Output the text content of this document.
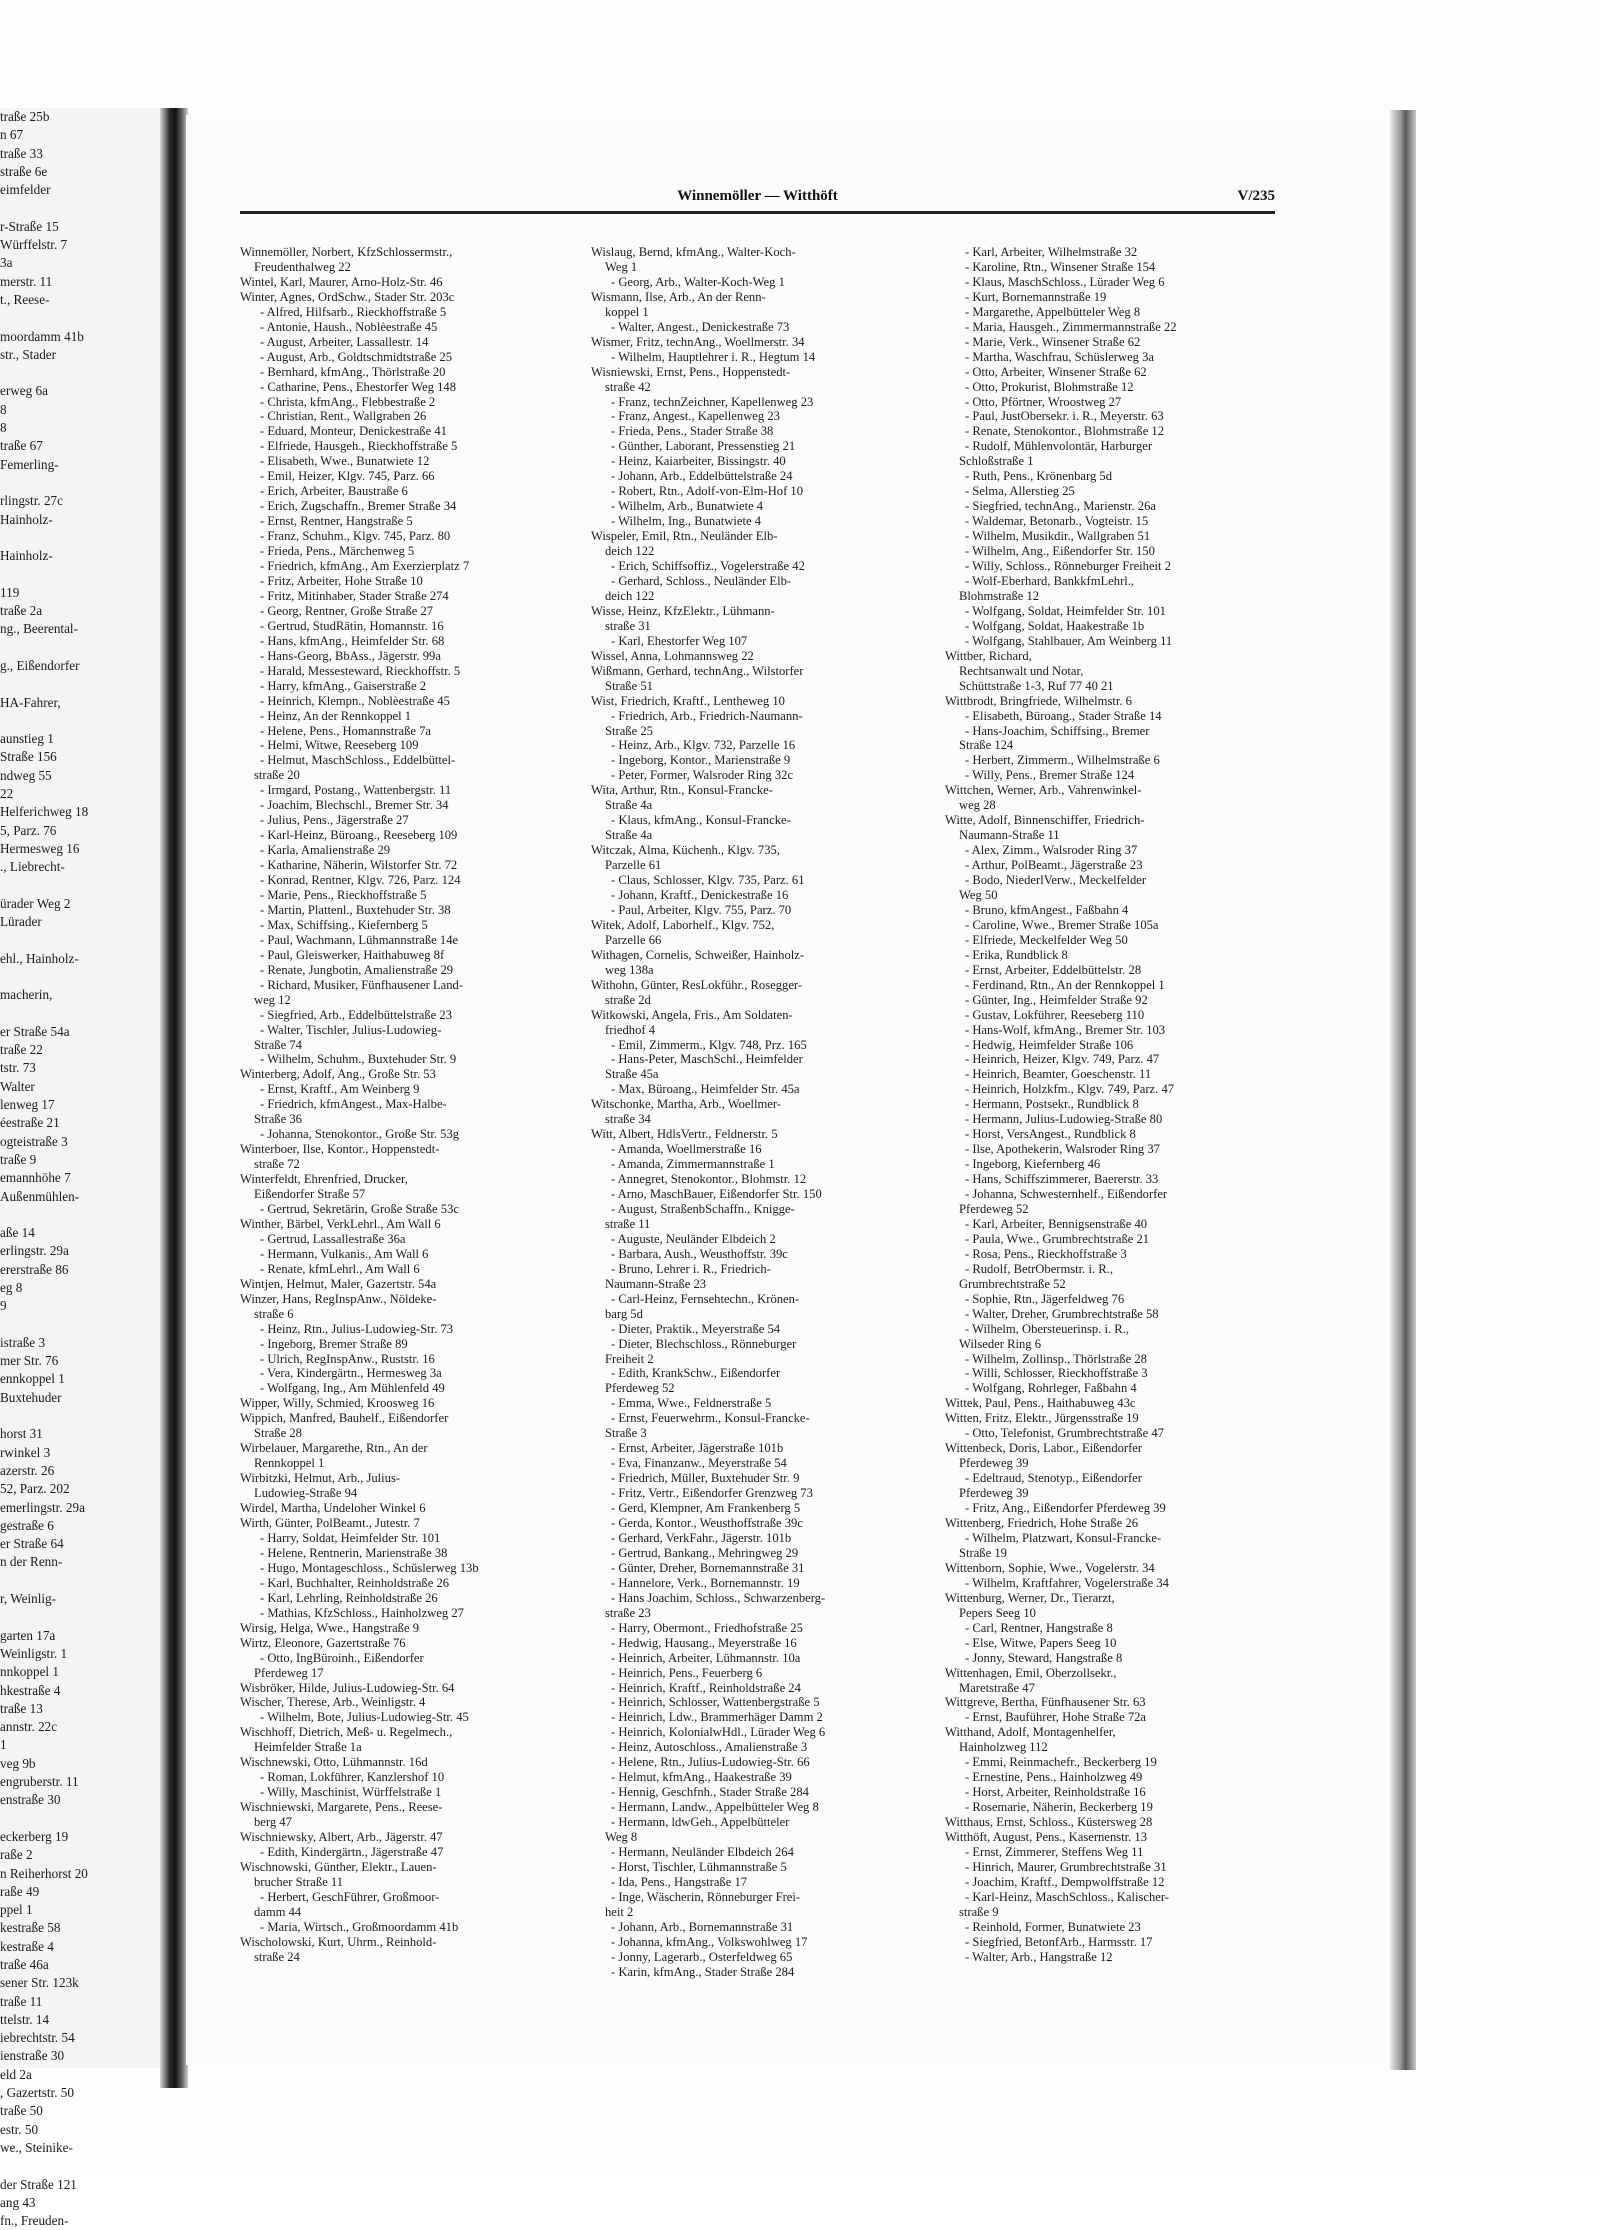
traße 25b
n 67
traße 33
straße 6e
eimfelder

r-Straße 15
Würffelstr. 7
3a
merstr. 11
t., Reese-

moordamm 41b
str., Stader

erweg 6a
8
8
traße 67
Femerling-

rlingstr. 27c
Hainholz-

Hainholz-

119
traße 2a
ng., Beerental-

g., Eißendorfer

HA-Fahrer,

aunstieg 1
Straße 156
ndweg 55
22
Helferichweg 18
5, Parz. 76
Hermesweg 16
., Liebrecht-

ürader Weg 2
Lürader

ehl., Hainholz-

macherin,

er Straße 54a
traße 22
tstr. 73
Walter
lenweg 17
éestraße 21
ogteistraße 3
traße 9
emannhöhe 7
Außenmühlen-

aße 14
erlingstr. 29a
ererstraße 86
eg 8
9

istraße 3
mer Str. 76
ennkoppel 1
Buxtehuder

horst 31
rwinkel 3
azerstr. 26
52, Parz. 202
emerlingstr. 29a
gestraße 6
er Straße 64
n der Renn-

r, Weinlig-

garten 17a
Weinligstr. 1
nnkoppel 1
hkestraße 4
traße 13
annstr. 22c
1
veg 9b
engruberstr. 11
enstraße 30

eckerberg 19
raße 2
n Reiherhorst 20
raße 49
ppel 1
kestraße 58
kestraße 4
traße 46a
sener Str. 123k
traße 11
ttelstr. 14
iebrechtstr. 54
ienstraße 30
eld 2a
, Gazertstr. 50
traße 50
estr. 50
we., Steinike-

der Straße 121
ang 43
fn., Freuden-
Winnemöller — Witthöft	V/235
Winnemöller, Norbert, KfzSchlossermstr.,
Freudenthalweg 22
Wintel, Karl, Maurer, Arno-Holz-Str. 46
Winter, Agnes, OrdSchw., Stader Str. 203c
- Alfred, Hilfsarb., Rieckhoffstraße 5
- Antonie, Haush., Noblèestraße 45
- August, Arbeiter, Lassallestr. 14
- August, Arb., Goldtschmidtstraße 25
- Bernhard, kfmAng., Thörlstraße 20
- Catharine, Pens., Ehestorfer Weg 148
- Christa, kfmAng., Flebbestraße 2
- Christian, Rent., Wallgraben 26
- Eduard, Monteur, Denickestraße 41
- Elfriede, Hausgeh., Rieckhoffstraße 5
- Elisabeth, Wwe., Bunatwiete 12
- Emil, Heizer, Klgv. 745, Parz. 66
- Erich, Arbeiter, Baustraße 6
- Erich, Zugschaffn., Bremer Straße 34
- Ernst, Rentner, Hangstraße 5
- Franz, Schuhm., Klgv. 745, Parz. 80
- Frieda, Pens., Märchenweg 5
- Friedrich, kfmAng., Am Exerzierplatz 7
- Fritz, Arbeiter, Hohe Straße 10
- Fritz, Mitinhaber, Stader Straße 274
- Georg, Rentner, Große Straße 27
- Gertrud, StudRätin, Homannstr. 16
- Hans, kfmAng., Heimfelder Str. 68
- Hans-Georg, BbAss., Jägerstr. 99a
- Harald, Messesteward, Rieckhoffstr. 5
- Harry, kfmAng., Gaiserstraße 2
- Heinrich, Klempn., Noblèestraße 45
- Heinz, An der Rennkoppel 1
- Helene, Pens., Homannstraße 7a
- Helmi, Witwe, Reeseberg 109
- Helmut, MaschSchloss., Eddelbüttel-
straße 20
- Irmgard, Postang., Wattenbergstr. 11
- Joachim, Blechschl., Bremer Str. 34
- Julius, Pens., Jägerstraße 27
- Karl-Heinz, Büroang., Reeseberg 109
- Karla, Amalienstraße 29
- Katharine, Näherin, Wilstorfer Str. 72
- Konrad, Rentner, Klgv. 726, Parz. 124
- Marie, Pens., Rieckhoffstraße 5
- Martin, Plattenl., Buxtehuder Str. 38
- Max, Schiffsing., Kiefernberg 5
- Paul, Wachmann, Lühmannstraße 14e
- Paul, Gleiswerker, Haithabuweg 8f
- Renate, Jungbotin, Amalienstraße 29
- Richard, Musiker, Fünfhausener Land-
weg 12
- Siegfried, Arb., Eddelbüttelstraße 23
- Walter, Tischler, Julius-Ludowieg-
Straße 74
- Wilhelm, Schuhm., Buxtehuder Str. 9
Winterberg, Adolf, Ang., Große Str. 53
- Ernst, Kraftf., Am Weinberg 9
- Friedrich, kfmAngest., Max-Halbe-
Straße 36
- Johanna, Stenokontor., Große Str. 53g
Winterboer, Ilse, Kontor., Hoppenstedt-
straße 72
Winterfeldt, Ehrenfried, Drucker,
Eißendorfer Straße 57
- Gertrud, Sekretärin, Große Straße 53c
Winther, Bärbel, VerkLehrl., Am Wall 6
- Gertrud, Lassallestraße 36a
- Hermann, Vulkanis., Am Wall 6
- Renate, kfmLehrl., Am Wall 6
Wintjen, Helmut, Maler, Gazertstr. 54a
Winzer, Hans, RegInspAnw., Nöldeke-
straße 6
- Heinz, Rtn., Julius-Ludowieg-Str. 73
- Ingeborg, Bremer Straße 89
- Ulrich, RegInspAnw., Ruststr. 16
- Vera, Kindergärtn., Hermesweg 3a
- Wolfgang, Ing., Am Mühlenfeld 49
Wipper, Willy, Schmied, Kroosweg 16
Wippich, Manfred, Bauhelf., Eißendorfer
Straße 28
Wirbelauer, Margarethe, Rtn., An der
Rennkoppel 1
Wirbitzki, Helmut, Arb., Julius-
Ludowieg-Straße 94
Wirdel, Martha, Undeloher Winkel 6
Wirth, Günter, PolBeamt., Jutestr. 7
- Harry, Soldat, Heimfelder Str. 101
- Helene, Rentnerin, Marienstraße 38
- Hugo, Montageschloss., Schüslerweg 13b
- Karl, Buchhalter, Reinholdstraße 26
- Karl, Lehrling, Reinholdstraße 26
- Mathias, KfzSchloss., Hainholzweg 27
Wirsig, Helga, Wwe., Hangstraße 9
Wirtz, Eleonore, Gazertstraße 76
- Otto, IngBüroinh., Eißendorfer
Pferdeweg 17
Wisbröker, Hilde, Julius-Ludowieg-Str. 64
Wischer, Therese, Arb., Weinligstr. 4
- Wilhelm, Bote, Julius-Ludowieg-Str. 45
Wischhoff, Dietrich, Meß- u. Regelmech.,
Heimfelder Straße 1a
Wischnewski, Otto, Lühmannstr. 16d
- Roman, Lokführer, Kanzlershof 10
- Willy, Maschinist, Würffelstraße 1
Wischniewski, Margarete, Pens., Reese-
berg 47
Wischniewsky, Albert, Arb., Jägerstr. 47
- Edith, Kindergärtn., Jägerstraße 47
Wischnowski, Günther, Elektr., Lauen-
brucher Straße 11
- Herbert, GeschFührer, Großmoor-
damm 44
- Maria, Wirtsch., Großmoordamm 41b
Wischolowski, Kurt, Uhrm., Reinhold-
straße 24
Wislaug, Bernd, kfmAng., Walter-Koch-
Weg 1
- Georg, Arb., Walter-Koch-Weg 1
Wismann, Ilse, Arb., An der Renn-
koppel 1
- Walter, Angest., Denickestraße 73
Wismer, Fritz, technAng., Woellmerstr. 34
- Wilhelm, Hauptlehrer i. R., Hegtum 14
Wisniewski, Ernst, Pens., Hoppenstedt-
straße 42
- Franz, technZeichner, Kapellenweg 23
- Franz, Angest., Kapellenweg 23
- Frieda, Pens., Stader Straße 38
- Günther, Laborant, Pressenstieg 21
- Heinz, Kaiarbeiter, Bissingstr. 40
- Johann, Arb., Eddelbüttelstraße 24
- Robert, Rtn., Adolf-von-Elm-Hof 10
- Wilhelm, Arb., Bunatwiete 4
- Wilhelm, Ing., Bunatwiete 4
Wispeler, Emil, Rtn., Neuländer Elb-
deich 122
- Erich, Schiffsoffiz., Vogelerstraße 42
- Gerhard, Schloss., Neuländer Elb-
deich 122
Wisse, Heinz, KfzElektr., Lühmann-
straße 31
- Karl, Ehestorfer Weg 107
Wissel, Anna, Lohmannsweg 22
Wißmann, Gerhard, technAng., Wilstorfer
Straße 51
Wist, Friedrich, Kraftf., Lentheweg 10
- Friedrich, Arb., Friedrich-Naumann-
Straße 25
- Heinz, Arb., Klgv. 732, Parzelle 16
- Ingeborg, Kontor., Marienstraße 9
- Peter, Former, Walsroder Ring 32c
Wita, Arthur, Rtn., Konsul-Francke-
Straße 4a
- Klaus, kfmAng., Konsul-Francke-
Straße 4a
Witczak, Alma, Küchenh., Klgv. 735,
Parzelle 61
- Claus, Schlosser, Klgv. 735, Parz. 61
- Johann, Kraftf., Denickestraße 16
- Paul, Arbeiter, Klgv. 755, Parz. 70
Witek, Adolf, Laborhelf., Klgv. 752,
Parzelle 66
Withagen, Cornelis, Schweißer, Hainholz-
weg 138a
Withohn, Günter, ResLokführ., Rosegger-
straße 2d
Witkowski, Angela, Fris., Am Soldaten-
friedhof 4
- Emil, Zimmerm., Klgv. 748, Prz. 165
- Hans-Peter, MaschSchl., Heimfelder
Straße 45a
- Max, Büroang., Heimfelder Str. 45a
Witschonke, Martha, Arb., Woellmer-
straße 34
Witt, Albert, HdlsVertr., Feldnerstr. 5
- Amanda, Woellmerstraße 16
- Amanda, Zimmermannstraße 1
- Annegret, Stenokontor., Blohmstr. 12
- Arno, MaschBauer, Eißendorfer Str. 150
- August, StraßenbSchaffn., Knigge-
straße 11
- Auguste, Neuländer Elbdeich 2
- Barbara, Aush., Weusthoffstr. 39c
- Bruno, Lehrer i. R., Friedrich-
Naumann-Straße 23
- Carl-Heinz, Fernsehtechn., Krönen-
barg 5d
- Dieter, Praktik., Meyerstraße 54
- Dieter, Blechschloss., Rönneburger
Freiheit 2
- Edith, KrankSchw., Eißendorfer
Pferdeweg 52
- Emma, Wwe., Feldnerstraße 5
- Ernst, Feuerwehrm., Konsul-Francke-
Straße 3
- Ernst, Arbeiter, Jägerstraße 101b
- Eva, Finanzanw., Meyerstraße 54
- Friedrich, Müller, Buxtehuder Str. 9
- Fritz, Vertr., Eißendorfer Grenzweg 73
- Gerd, Klempner, Am Frankenberg 5
- Gerda, Kontor., Weusthoffstraße 39c
- Gerhard, VerkFahr., Jägerstr. 101b
- Gertrud, Bankang., Mehringweg 29
- Günter, Dreher, Bornemannstraße 31
- Hannelore, Verk., Bornemannstr. 19
- Hans Joachim, Schloss., Schwarzenberg-
straße 23
- Harry, Obermont., Friedhofstraße 25
- Hedwig, Hausang., Meyerstraße 16
- Heinrich, Arbeiter, Lühmannstr. 10a
- Heinrich, Pens., Feuerberg 6
- Heinrich, Kraftf., Reinholdstraße 24
- Heinrich, Schlosser, Wattenbergstraße 5
- Heinrich, Ldw., Brammerhäger Damm 2
- Heinrich, KolonialwHdl., Lürader Weg 6
- Heinz, Autoschloss., Amalienstraße 3
- Helene, Rtn., Julius-Ludowieg-Str. 66
- Helmut, kfmAng., Haakestraße 39
- Hennig, Geschfnh., Stader Straße 284
- Hermann, Landw., Appelbütteler Weg 8
- Hermann, ldwGeh., Appelbütteler
Weg 8
- Hermann, Neuländer Elbdeich 264
- Horst, Tischler, Lühmannstraße 5
- Ida, Pens., Hangstraße 17
- Inge, Wäscherin, Rönneburger Frei-
heit 2
- Johann, Arb., Bornemannstraße 31
- Johanna, kfmAng., Volkswohlweg 17
- Jonny, Lagerarb., Osterfeldweg 65
- Karin, kfmAng., Stader Straße 284
- Karl, Arbeiter, Wilhelmstraße 32
- Karoline, Rtn., Winsener Straße 154
- Klaus, MaschSchloss., Lürader Weg 6
- Kurt, Bornemannstraße 19
- Margarethe, Appelbütteler Weg 8
- Maria, Hausgeh., Zimmermannstraße 22
- Marie, Verk., Winsener Straße 62
- Martha, Waschfrau, Schüslerweg 3a
- Otto, Arbeiter, Winsener Straße 62
- Otto, Prokurist, Blohmstraße 12
- Otto, Pförtner, Wroostweg 27
- Paul, JustObersekr. i. R., Meyerstr. 63
- Renate, Stenokontor., Blohmstraße 12
- Rudolf, Mühlenvolontär, Harburger
Schloßstraße 1
- Ruth, Pens., Krönenbarg 5d
- Selma, Allerstieg 25
- Siegfried, technAng., Marienstr. 26a
- Waldemar, Betonarb., Vogteistr. 15
- Wilhelm, Musikdir., Wallgraben 51
- Wilhelm, Ang., Eißendorfer Str. 150
- Willy, Schloss., Rönneburger Freiheit 2
- Wolf-Eberhard, BankkfmLehrl.,
Blohmstraße 12
- Wolfgang, Soldat, Heimfelder Str. 101
- Wolfgang, Soldat, Haakestraße 1b
- Wolfgang, Stahlbauer, Am Weinberg 11
Wittber, Richard,
Rechtsanwalt und Notar,
Schüttstraße 1-3, Ruf 77 40 21
Wittbrodt, Bringfriede, Wilhelmstr. 6
- Elisabeth, Büroang., Stader Straße 14
- Hans-Joachim, Schiffsing., Bremer
Straße 124
- Herbert, Zimmerm., Wilhelmstraße 6
- Willy, Pens., Bremer Straße 124
Wittchen, Werner, Arb., Vahrenwinkel-
weg 28
Witte, Adolf, Binnenschiffer, Friedrich-
Naumann-Straße 11
- Alex, Zimm., Walsroder Ring 37
- Arthur, PolBeamt., Jägerstraße 23
- Bodo, NiederlVerw., Meckelfelder
Weg 50
- Bruno, kfmAngest., Faßbahn 4
- Caroline, Wwe., Bremer Straße 105a
- Elfriede, Meckelfelder Weg 50
- Erika, Rundblick 8
- Ernst, Arbeiter, Eddelbüttelstr. 28
- Ferdinand, Rtn., An der Rennkoppel 1
- Günter, Ing., Heimfelder Straße 92
- Gustav, Lokführer, Reeseberg 110
- Hans-Wolf, kfmAng., Bremer Str. 103
- Hedwig, Heimfelder Straße 106
- Heinrich, Heizer, Klgv. 749, Parz. 47
- Heinrich, Beamter, Goeschenstr. 11
- Heinrich, Holzkfm., Klgv. 749, Parz. 47
- Hermann, Postsekr., Rundblick 8
- Hermann, Julius-Ludowieg-Straße 80
- Horst, VersAngest., Rundblick 8
- Ilse, Apothekerin, Walsroder Ring 37
- Ingeborg, Kiefernberg 46
- Hans, Schiffszimmerer, Baererstr. 33
- Johanna, Schwesternhelf., Eißendorfer
Pferdeweg 52
- Karl, Arbeiter, Bennigsenstraße 40
- Paula, Wwe., Grumbrechtstraße 21
- Rosa, Pens., Rieckhoffstraße 3
- Rudolf, BetrObermstr. i. R.,
Grumbrechtstraße 52
- Sophie, Rtn., Jägerfeldweg 76
- Walter, Dreher, Grumbrechtstraße 58
- Wilhelm, Obersteuerinsp. i. R.,
Wilseder Ring 6
- Wilhelm, Zollinsp., Thörlstraße 28
- Willi, Schlosser, Rieckhoffstraße 3
- Wolfgang, Rohrleger, Faßbahn 4
Wittek, Paul, Pens., Haithabuweg 43c
Witten, Fritz, Elektr., Jürgensstraße 19
- Otto, Telefonist, Grumbrechtstraße 47
Wittenbeck, Doris, Labor., Eißendorfer
Pferdeweg 39
- Edeltraud, Stenotyp., Eißendorfer
Pferdeweg 39
- Fritz, Ang., Eißendorfer Pferdeweg 39
Wittenberg, Friedrich, Hohe Straße 26
- Wilhelm, Platzwart, Konsul-Francke-
Straße 19
Wittenborn, Sophie, Wwe., Vogelerstr. 34
- Wilhelm, Kraftfahrer, Vogelerstraße 34
Wittenburg, Werner, Dr., Tierarzt,
Pepers Seeg 10
- Carl, Rentner, Hangstraße 8
- Else, Witwe, Papers Seeg 10
- Jonny, Steward, Hangstraße 8
Wittenhagen, Emil, Oberzollsekr.,
Maretstraße 47
Wittgreve, Bertha, Fünfhausener Str. 63
- Ernst, Bauführer, Hohe Straße 72a
Witthand, Adolf, Montagenhelfer,
Hainholzweg 112
- Emmi, Reinmachefr., Beckerberg 19
- Ernestine, Pens., Hainholzweg 49
- Horst, Arbeiter, Reinholdstraße 16
- Rosemarie, Näherin, Beckerberg 19
Witthaus, Ernst, Schloss., Küstersweg 28
Witthöft, August, Pens., Kasernenstr. 13
- Ernst, Zimmerer, Steffens Weg 11
- Hinrich, Maurer, Grumbrechtstraße 31
- Joachim, Kraftf., Dempwolffstraße 12
- Karl-Heinz, MaschSchloss., Kalischer-
straße 9
- Reinhold, Former, Bunatwiete 23
- Siegfried, BetonfArb., Harmsstr. 17
- Walter, Arb., Hangstraße 12
